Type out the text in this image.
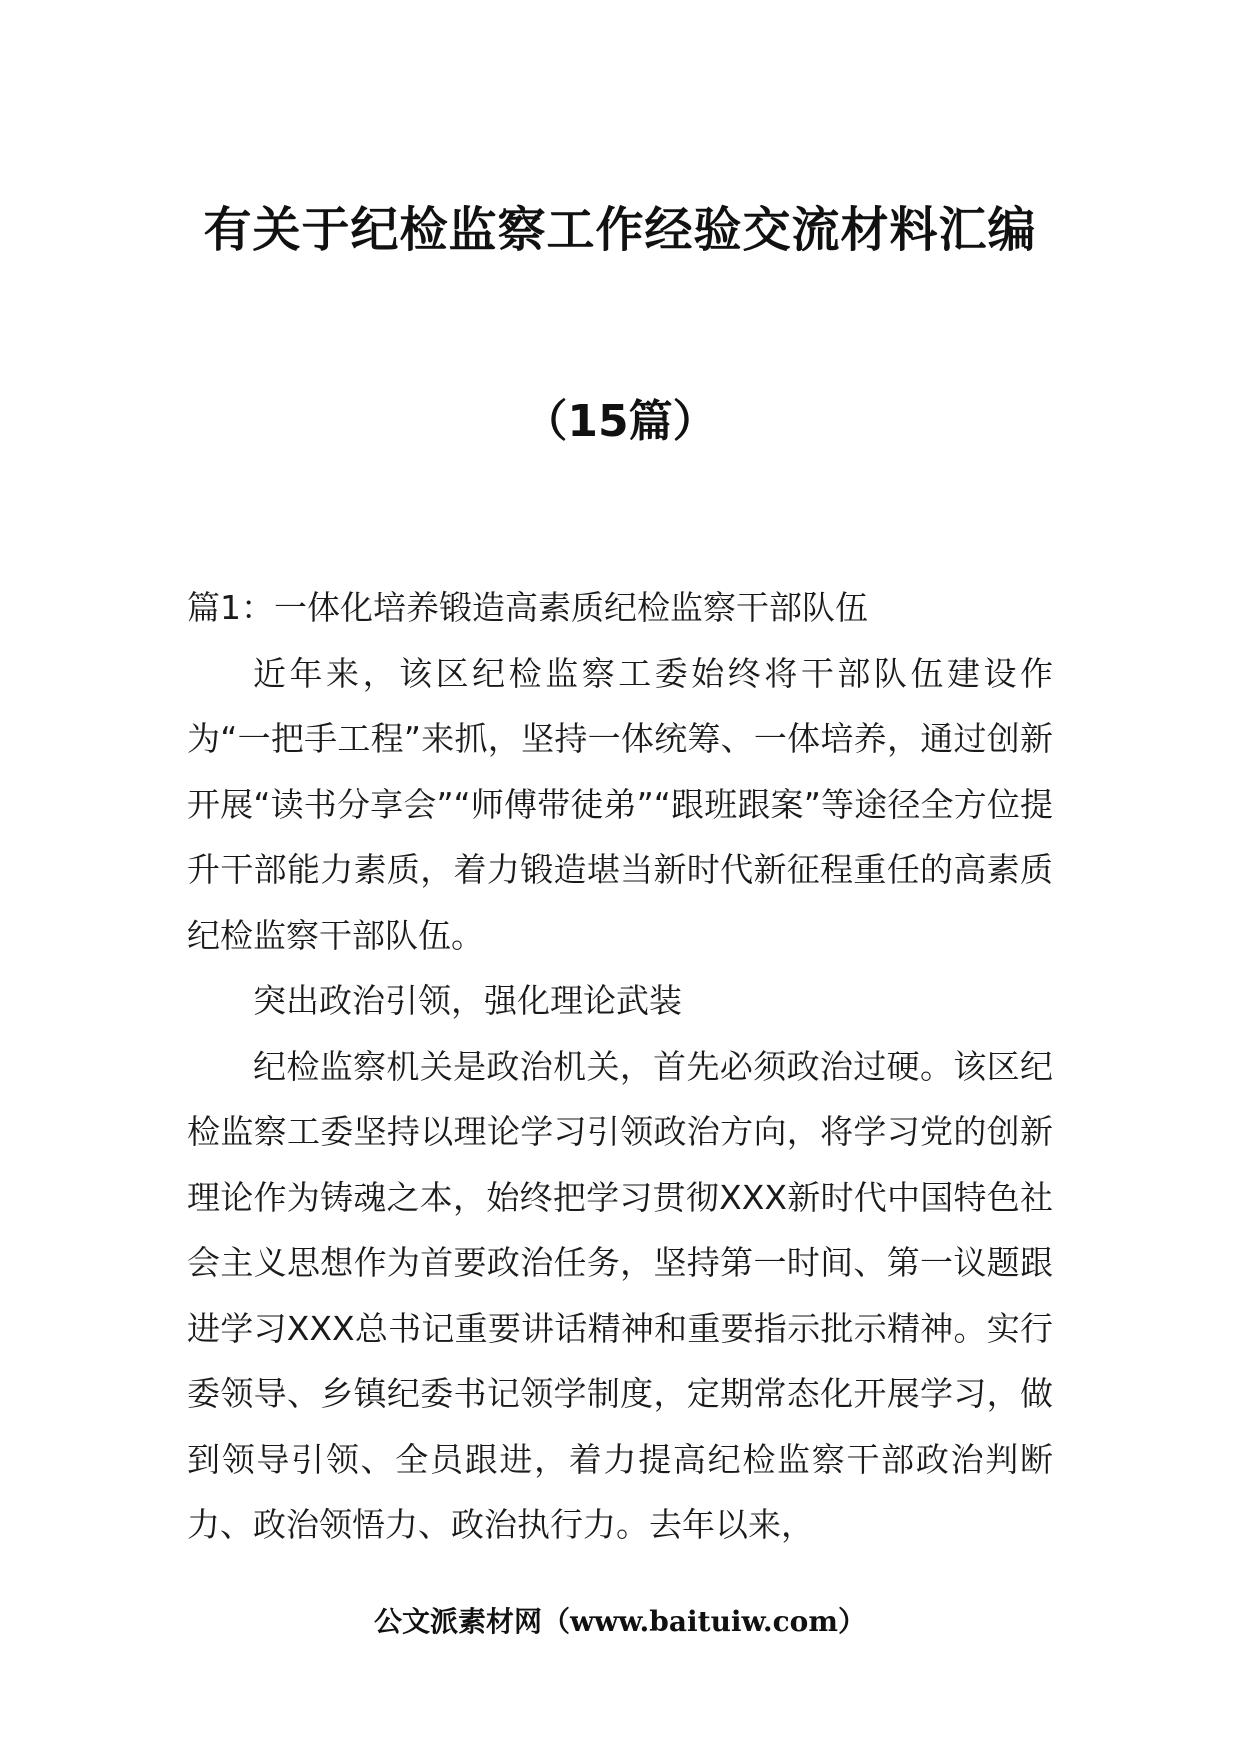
有关于纪检监察工作经验交流材料汇编
（15篇）

篇1：一体化培养锻造高素质纪检监察干部队伍

近年来，该区纪检监察工委始终将干部队伍建设作为“一把手工程”来抓，坚持一体统筹、一体培养，通过创新开展“读书分享会”“师傅带徒弟”“跟班跟案”等途径全方位提升干部能力素质，着力锻造堪当新时代新征程重任的高素质纪检监察干部队伍。

突出政治引领，强化理论武装

纪检监察机关是政治机关，首先必须政治过硬。该区纪检监察工委坚持以理论学习引领政治方向，将学习党的创新理论作为铸魂之本，始终把学习贯彻XXX新时代中国特色社会主义思想作为首要政治任务，坚持第一时间、第一议题跟进学习XXX总书记重要讲话精神和重要指示批示精神。实行委领导、乡镇纪委书记领学制度，定期常态化开展学习，做到领导引领、全员跟进，着力提高纪检监察干部政治判断力、政治领悟力、政治执行力。去年以来，

公文派素材网（www.baituiw.com）
